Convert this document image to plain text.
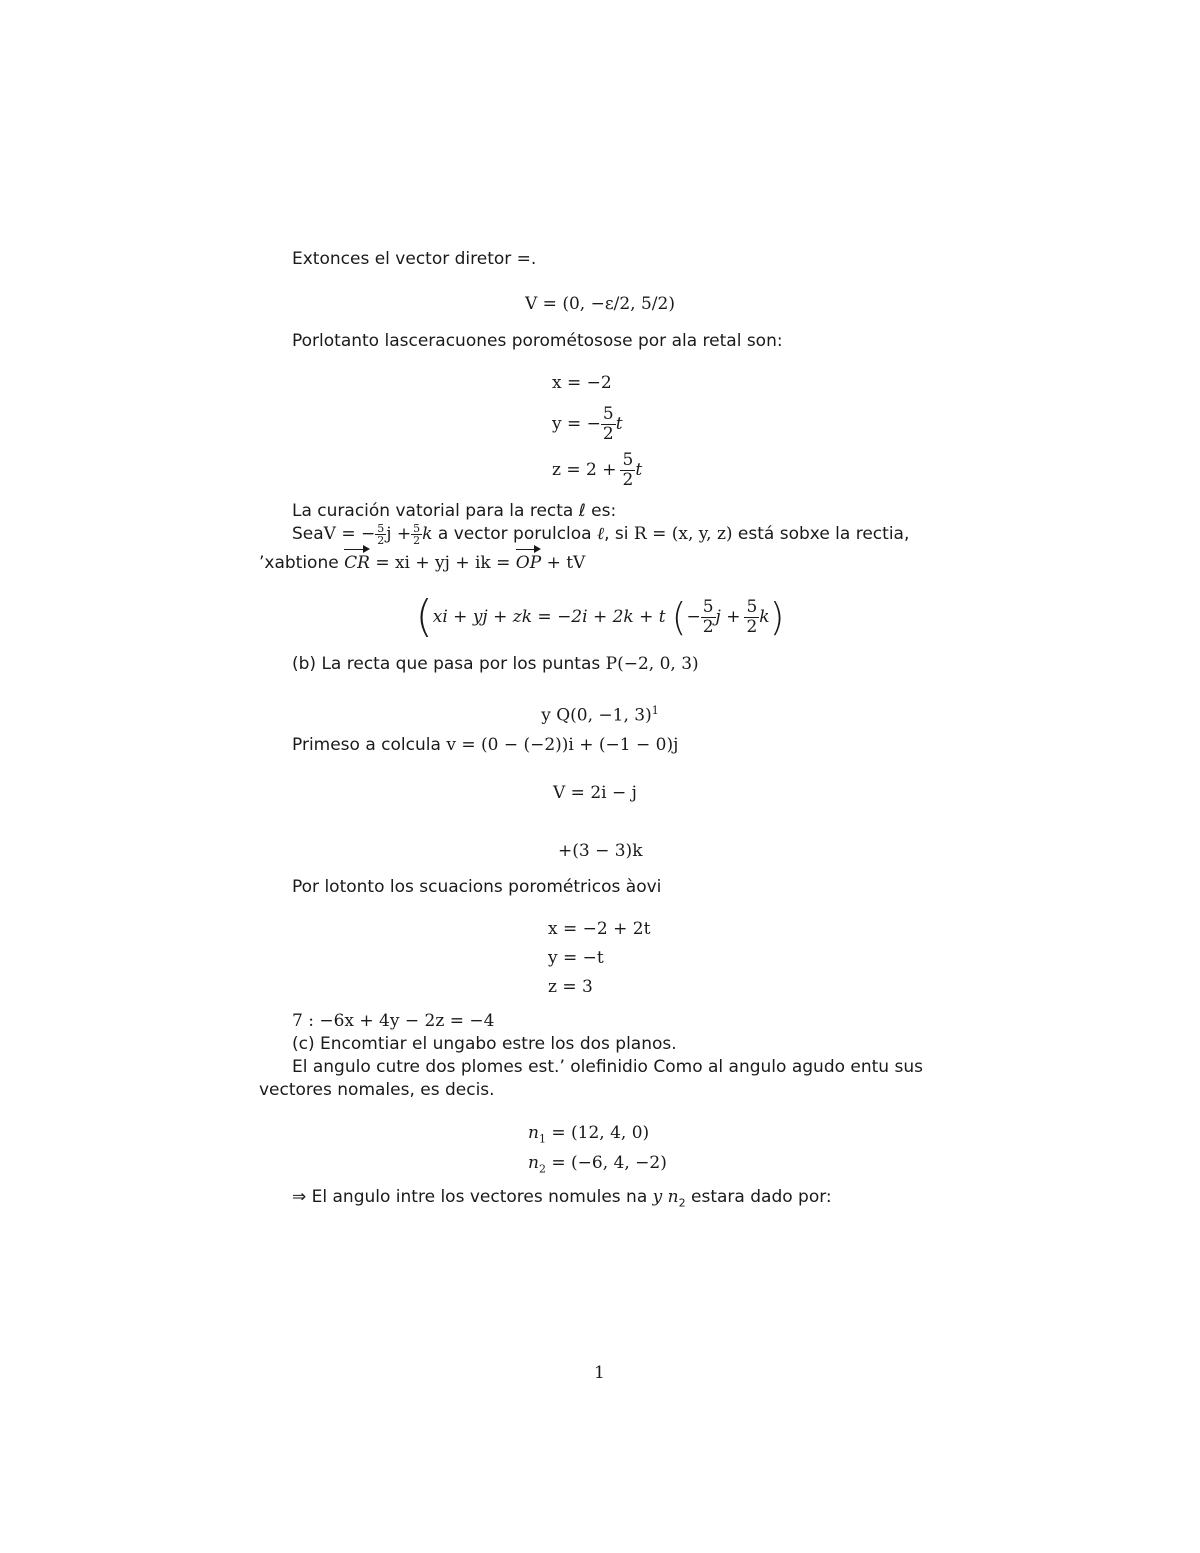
Extonces el vector diretor =.
V = (0, −ε/2, 5/2)
Porlotanto lasceracuones porométosose por ala retal son:
x = −2
y = − $\frac{5}{2}$ t
$z = 2 + \frac{5}{2}$ t
La curación vatorial para la recta ℓ es:
Sea V = − $\frac{5}{2}$ $j + \frac{5}{2}$ k a vector porulcloa ℓ , si R = (x, y, z) está sobxe la rectia,
’xabtione CR = xi + yj + ik = OP + tV
( xi + yj + zk = −2i + 2k + t ( − $\frac{5}{2}$ $j + \frac{5}{2}$ k )
(b) La recta que pasa por los puntas P(−2, 0, 3)
y Q(0, −1, 3)$^1$
Primeso a colcula v = (0 − (−2))i + (−1 − 0)j
V = 2i − j
+(3 − 3)k
Por lotonto los scuacions porométricos àovi
x = −2 + 2t
y = −t
z = 3
7 : −6x + 4y − 2z = −4
(c) Encomtiar el ungabo estre los dos planos.
El angulo cutre dos plomes est.’ olefinidio Como al angulo agudo entu sus
vectores nomales, es decis.
$n_1 = (12$, 4, 0)
$n_2 = (-6$, 4, −2)
⇒ El angulo intre los vectores nomules na y $n_2$ estara dado por:
1
